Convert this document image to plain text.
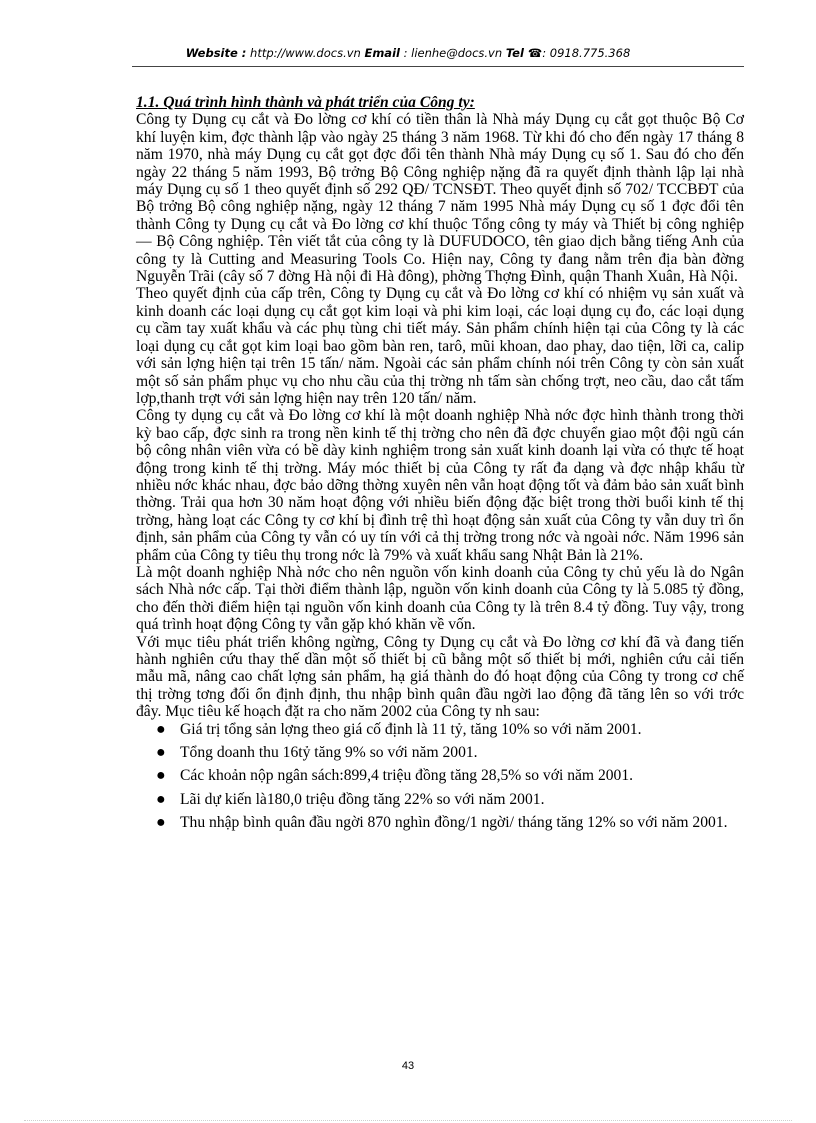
Website : http://www.docs.vn Email : lienhe@docs.vn Tel ☎: 0918.775.368

1.1. Quá trình hình thành và phát triển của Công ty:

Công ty Dụng cụ cắt và Đo lờng cơ khí có tiền thân là Nhà máy Dụng cụ cắt gọt thuộc Bộ Cơ khí luyện kim, đợc thành lập vào ngày 25 tháng 3 năm 1968. Từ khi đó cho đến ngày 17 tháng 8 năm 1970, nhà máy Dụng cụ cắt gọt đợc đổi tên thành Nhà máy Dụng cụ số 1. Sau đó cho đến ngày 22 tháng 5 năm 1993, Bộ trởng Bộ Công nghiệp nặng đã ra quyết định thành lập lại nhà máy Dụng cụ số 1 theo quyết định số 292 QĐ/ TCNSĐT. Theo quyết định số 702/ TCCBĐT của Bộ trởng Bộ công nghiệp nặng, ngày 12 tháng 7 năm 1995 Nhà máy Dụng cụ số 1 đợc đổi tên thành Công ty Dụng cụ cắt và Đo lờng cơ khí thuộc Tổng công ty máy và Thiết bị công nghiệp — Bộ Công nghiệp. Tên viết tắt của công ty là DUFUDOCO, tên giao dịch bằng tiếng Anh của công ty là Cutting and Measuring Tools Co. Hiện nay, Công ty đang nằm trên địa bàn đờng Nguyễn Trãi (cây số 7 đờng Hà nội đi Hà đông), phờng Thợng Đình, quận Thanh Xuân, Hà Nội.

Theo quyết định của cấp trên, Công ty Dụng cụ cắt và Đo lờng cơ khí có nhiệm vụ sản xuất và kinh doanh các loại dụng cụ cắt gọt kim loại và phi kim loại, các loại dụng cụ đo, các loại dụng cụ cầm tay xuất khẩu và các phụ tùng chi tiết máy. Sản phẩm chính hiện tại của Công ty là các loại dụng cụ cắt gọt kim loại bao gồm bàn ren, tarô, mũi khoan, dao phay, dao tiện, lỡi ca, calip với sản lợng hiện tại trên 15 tấn/ năm. Ngoài các sản phẩm chính nói trên Công ty còn sản xuất một số sản phẩm phục vụ cho nhu cầu của thị trờng nh tấm sàn chống trợt, neo cầu, dao cắt tấm lợp,thanh trợt với sản lợng hiện nay trên 120 tấn/ năm.

Công ty dụng cụ cắt và Đo lờng cơ khí là một doanh nghiệp Nhà nớc đợc hình thành trong thời kỳ bao cấp, đợc sinh ra trong nền kinh tế thị trờng cho nên đã đợc chuyển giao một đội ngũ cán bộ công nhân viên vừa có bề dày kinh nghiệm trong sản xuất kinh doanh lại vừa có thực tế hoạt động trong kinh tế thị trờng. Máy móc thiết bị của Công ty rất đa dạng và đợc nhập khẩu từ nhiều nớc khác nhau, đợc bảo dỡng thờng xuyên nên vẫn hoạt động tốt và đảm bảo sản xuất bình thờng. Trải qua hơn 30 năm hoạt động với nhiều biến động đặc biệt trong thời buổi kinh tế thị trờng, hàng loạt các Công ty cơ khí bị đình trệ thì hoạt động sản xuất của Công ty vẫn duy trì ổn định, sản phẩm của Công ty vẫn có uy tín với cả thị trờng trong nớc và ngoài nớc. Năm 1996 sản phẩm của Công ty tiêu thụ trong nớc là 79% và xuất khẩu sang Nhật Bản là 21%.

Là một doanh nghiệp Nhà nớc cho nên nguồn vốn kinh doanh của Công ty chủ yếu là do Ngân sách Nhà nớc cấp. Tại thời điểm thành lập, nguồn vốn kinh doanh của Công ty là 5.085 tỷ đồng, cho đến thời điểm hiện tại nguồn vốn kinh doanh của Công ty là trên 8.4 tỷ đồng. Tuy vậy, trong quá trình hoạt động Công ty vẫn gặp khó khăn về vốn.

Với mục tiêu phát triển không ngừng, Công ty Dụng cụ cắt và Đo lờng cơ khí đã và đang tiến hành nghiên cứu thay thế dần một số thiết bị cũ bằng một số thiết bị mới, nghiên cứu cải tiến mẫu mã, nâng cao chất lợng sản phẩm, hạ giá thành do đó hoạt động của Công ty trong cơ chế thị trờng tơng đối ổn định định, thu nhập bình quân đầu ngời lao động đã tăng lên so với trớc đây. Mục tiêu kế hoạch đặt ra cho năm 2002 của Công ty nh sau:

● Giá trị tổng sản lợng theo giá cố định là 11 tỷ, tăng 10% so với năm 2001.
● Tổng doanh thu 16tỷ tăng 9% so với năm 2001.
● Các khoản nộp ngân sách:899,4 triệu đồng tăng 28,5% so với năm 2001.
● Lãi dự kiến là180,0 triệu đồng tăng 22% so với năm 2001.
● Thu nhập bình quân đầu ngời 870 nghìn đồng/1 ngời/ tháng tăng 12% so với năm 2001.
43
